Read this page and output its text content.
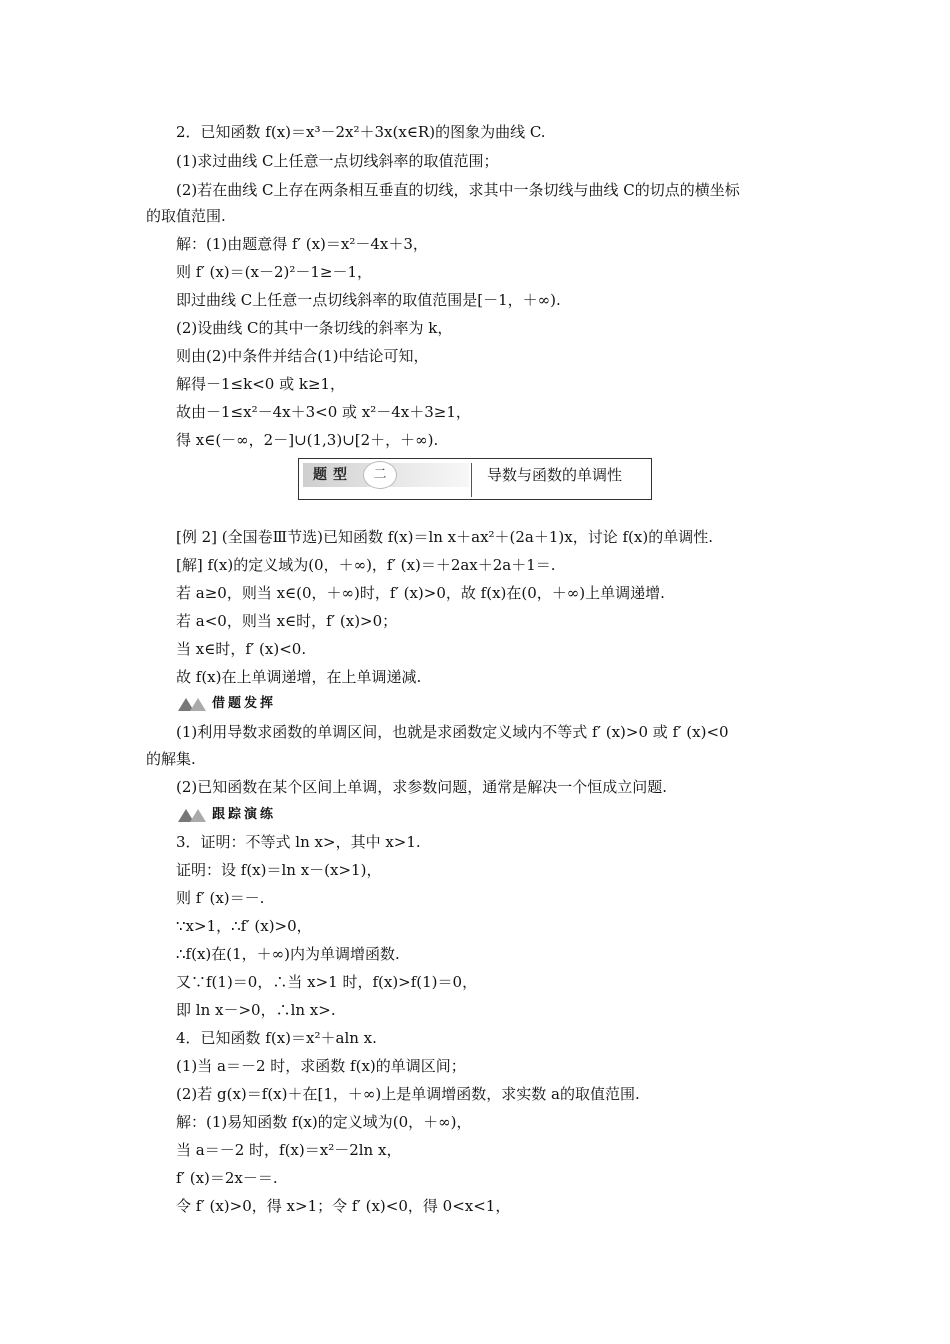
2．已知函数 f(x)＝x³－2x²＋3x(x∈R)的图象为曲线 C.
(1)求过曲线 C上任意一点切线斜率的取值范围；
(2)若在曲线 C上存在两条相互垂直的切线，求其中一条切线与曲线 C的切点的横坐标
的取值范围.
解：(1)由题意得 f′ (x)＝x²－4x＋3，
则 f′ (x)＝(x－2)²－1≥－1，
即过曲线 C上任意一点切线斜率的取值范围是[－1，＋∞).
(2)设曲线 C的其中一条切线的斜率为 k，
则由(2)中条件并结合(1)中结论可知，
解得－1≤k<0 或 k≥1，
故由－1≤x²－4x＋3<0 或 x²－4x＋3≥1，
得 x∈(－∞，2－]∪(1,3)∪[2＋，＋∞).
题型	二	导数与函数的单调性
[例 2] (全国卷Ⅲ节选)已知函数 f(x)＝ln x＋ax²＋(2a＋1)x，讨论 f(x)的单调性.
[解] f(x)的定义域为(0，＋∞)，f′ (x)＝＋2ax＋2a＋1＝.
若 a≥0，则当 x∈(0，＋∞)时，f′ (x)>0，故 f(x)在(0，＋∞)上单调递增.
若 a<0，则当 x∈时，f′ (x)>0；
当 x∈时，f′ (x)<0.
故 f(x)在上单调递增，在上单调递减.
借题发挥
(1)利用导数求函数的单调区间，也就是求函数定义域内不等式 f′ (x)>0 或 f′ (x)<0
的解集.
(2)已知函数在某个区间上单调，求参数问题，通常是解决一个恒成立问题.
跟踪演练
3．证明：不等式 ln x>，其中 x>1.
证明：设 f(x)＝ln x－(x>1)，
则 f′ (x)＝－.
∵x>1，∴f′ (x)>0，
∴f(x)在(1，＋∞)内为单调增函数.
又∵f(1)＝0，∴当 x>1 时，f(x)>f(1)＝0，
即 ln x－>0，∴ln x>.
4．已知函数 f(x)＝x²＋aln x.
(1)当 a＝－2 时，求函数 f(x)的单调区间；
(2)若 g(x)＝f(x)＋在[1，＋∞)上是单调增函数，求实数 a的取值范围.
解：(1)易知函数 f(x)的定义域为(0，＋∞)，
当 a＝－2 时，f(x)＝x²－2ln x，
f′ (x)＝2x－＝.
令 f′ (x)>0，得 x>1；令 f′ (x)<0，得 0<x<1，
